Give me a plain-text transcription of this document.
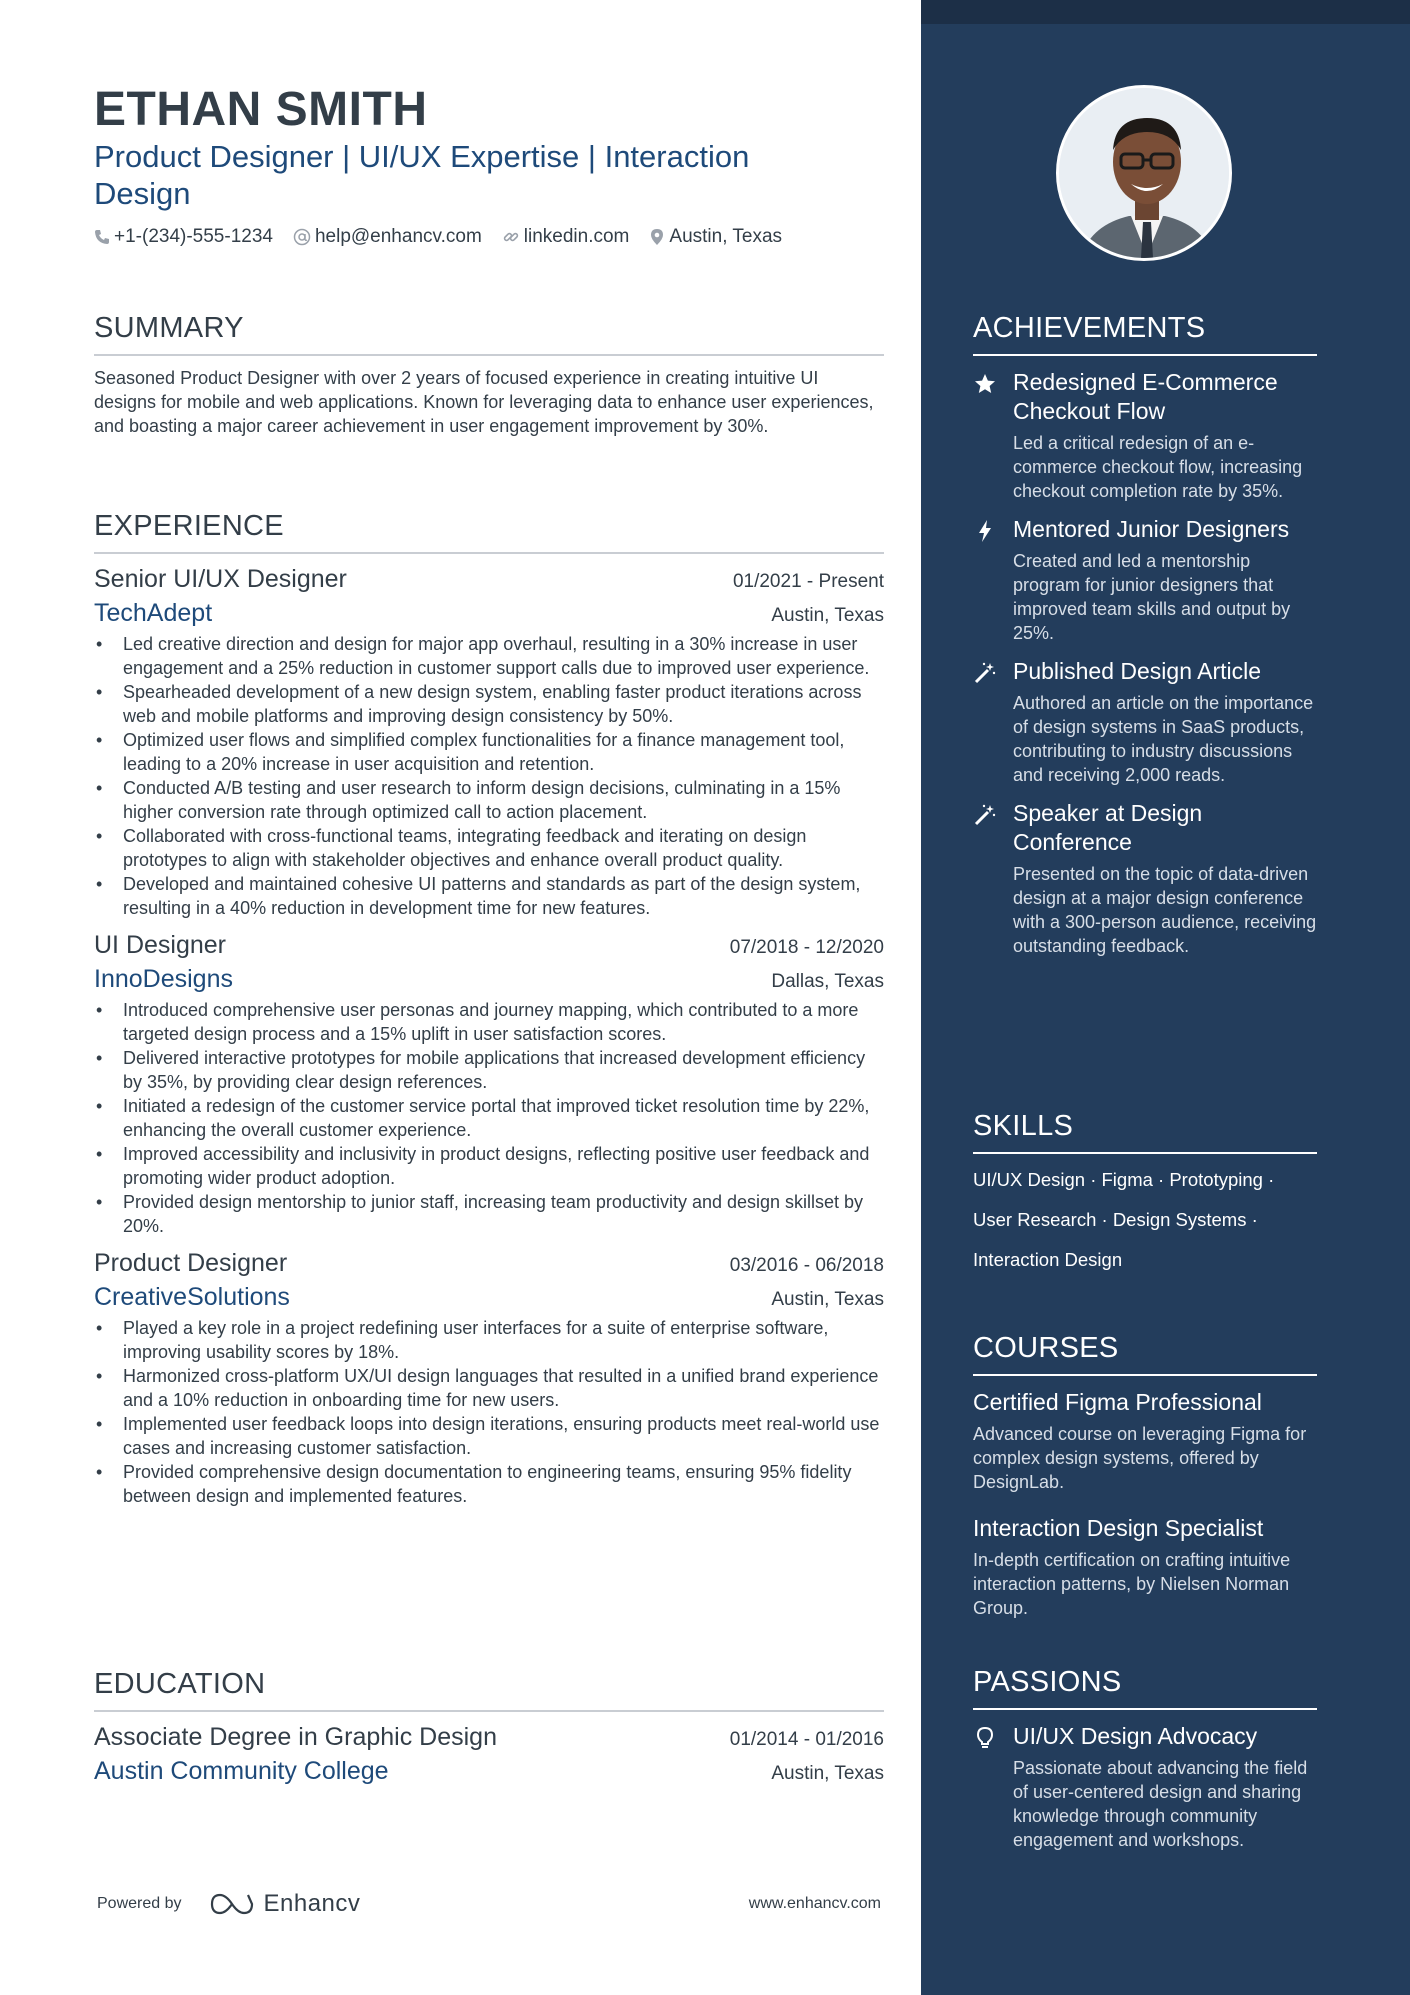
ETHAN SMITH
Product Designer | UI/UX Expertise | Interaction Design
+1-(234)-555-1234 help@enhancv.com linkedin.com Austin, Texas
SUMMARY
Seasoned Product Designer with over 2 years of focused experience in creating intuitive UI designs for mobile and web applications. Known for leveraging data to enhance user experiences, and boasting a major career achievement in user engagement improvement by 30%.
EXPERIENCE
Senior UI/UX Designer	01/2021 - Present
TechAdept	Austin, Texas
• Led creative direction and design for major app overhaul, resulting in a 30% increase in user engagement and a 25% reduction in customer support calls due to improved user experience.
• Spearheaded development of a new design system, enabling faster product iterations across web and mobile platforms and improving design consistency by 50%.
• Optimized user flows and simplified complex functionalities for a finance management tool, leading to a 20% increase in user acquisition and retention.
• Conducted A/B testing and user research to inform design decisions, culminating in a 15% higher conversion rate through optimized call to action placement.
• Collaborated with cross-functional teams, integrating feedback and iterating on design prototypes to align with stakeholder objectives and enhance overall product quality.
• Developed and maintained cohesive UI patterns and standards as part of the design system, resulting in a 40% reduction in development time for new features.
UI Designer	07/2018 - 12/2020
InnoDesigns	Dallas, Texas
• Introduced comprehensive user personas and journey mapping, which contributed to a more targeted design process and a 15% uplift in user satisfaction scores.
• Delivered interactive prototypes for mobile applications that increased development efficiency by 35%, by providing clear design references.
• Initiated a redesign of the customer service portal that improved ticket resolution time by 22%, enhancing the overall customer experience.
• Improved accessibility and inclusivity in product designs, reflecting positive user feedback and promoting wider product adoption.
• Provided design mentorship to junior staff, increasing team productivity and design skillset by 20%.
Product Designer	03/2016 - 06/2018
CreativeSolutions	Austin, Texas
• Played a key role in a project redefining user interfaces for a suite of enterprise software, improving usability scores by 18%.
• Harmonized cross-platform UX/UI design languages that resulted in a unified brand experience and a 10% reduction in onboarding time for new users.
• Implemented user feedback loops into design iterations, ensuring products meet real-world use cases and increasing customer satisfaction.
• Provided comprehensive design documentation to engineering teams, ensuring 95% fidelity between design and implemented features.
EDUCATION
Associate Degree in Graphic Design	01/2014 - 01/2016
Austin Community College	Austin, Texas
Powered by	Enhancv	www.enhancv.com
ACHIEVEMENTS
Redesigned E-Commerce Checkout Flow
Led a critical redesign of an e-commerce checkout flow, increasing checkout completion rate by 35%.
Mentored Junior Designers
Created and led a mentorship program for junior designers that improved team skills and output by 25%.
Published Design Article
Authored an article on the importance of design systems in SaaS products, contributing to industry discussions and receiving 2,000 reads.
Speaker at Design Conference
Presented on the topic of data-driven design at a major design conference with a 300-person audience, receiving outstanding feedback.
SKILLS
UI/UX Design · Figma · Prototyping ·
User Research · Design Systems ·
Interaction Design
COURSES
Certified Figma Professional
Advanced course on leveraging Figma for complex design systems, offered by DesignLab.
Interaction Design Specialist
In-depth certification on crafting intuitive interaction patterns, by Nielsen Norman Group.
PASSIONS
UI/UX Design Advocacy
Passionate about advancing the field of user-centered design and sharing knowledge through community engagement and workshops.
